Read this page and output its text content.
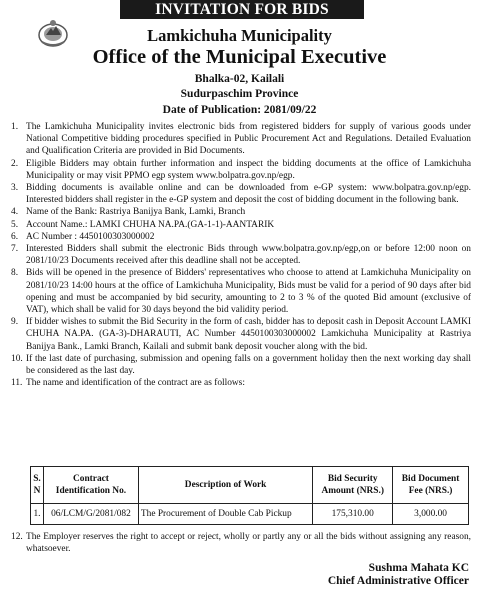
INVITATION FOR BIDS
Lamkichuha Municipality
Office of the Municipal Executive
Bhalka-02, Kailali
Sudurpaschim Province
Date of Publication: 2081/09/22
1. The Lamkichuha Municipality invites electronic bids from registered bidders for supply of various goods under National Competitive bidding procedures specified in Public Procurement Act and Regulations. Detailed Evaluation and Qualification Criteria are provided in Bid Documents.
2. Eligible Bidders may obtain further information and inspect the bidding documents at the office of Lamkichuha Municipality or may visit PPMO egp system www.bolpatra.gov.np/egp.
3. Bidding documents is available online and can be downloaded from e-GP system: www.bolpatra.gov.np/egp. Interested bidders shall register in the e-GP system and deposit the cost of bidding document in the following bank.
4. Name of the Bank: Rastriya Banijya Bank, Lamki, Branch
5. Account Name.: LAMKI CHUHA NA.PA.(GA-1-1)-AANTARIK
6. AC Number : 4450100303000002
7. Interested Bidders shall submit the electronic Bids through www.bolpatra.gov.np/egp,on or before 12:00 noon on 2081/10/23 Documents received after this deadline shall not be accepted.
8. Bids will be opened in the presence of Bidders' representatives who choose to attend at Lamkichuha Municipality on 2081/10/23 14:00 hours at the office of Lamkichuha Municipality, Bids must be valid for a period of 90 days after bid opening and must be accompanied by bid security, amounting to 2 to 3 % of the quoted Bid amount (exclusive of VAT), which shall be valid for 30 days beyond the bid validity period.
9. If bidder wishes to submit the Bid Security in the form of cash, bidder has to deposit cash in Deposit Account LAMKI CHUHA NA.PA. (GA-3)-DHARAUTI, AC Number 4450100303000002 Lamkichuha Municipality at Rastriya Banijya Bank., Lamki Branch, Kailali and submit bank deposit voucher along with the bid.
10. If the last date of purchasing, submission and opening falls on a government holiday then the next working day shall be considered as the last day.
11. The name and identification of the contract are as follows:
S. N	Contract Identification No.	Description of Work	Bid Security Amount (NRS.)	Bid Document Fee (NRS.)
1.	06/LCM/G/2081/082	The Procurement of Double Cab Pickup	175,310.00	3,000.00
12. The Employer reserves the right to accept or reject, wholly or partly any or all the bids without assigning any reason, whatsoever.
Sushma Mahata KC
Chief Administrative Officer
